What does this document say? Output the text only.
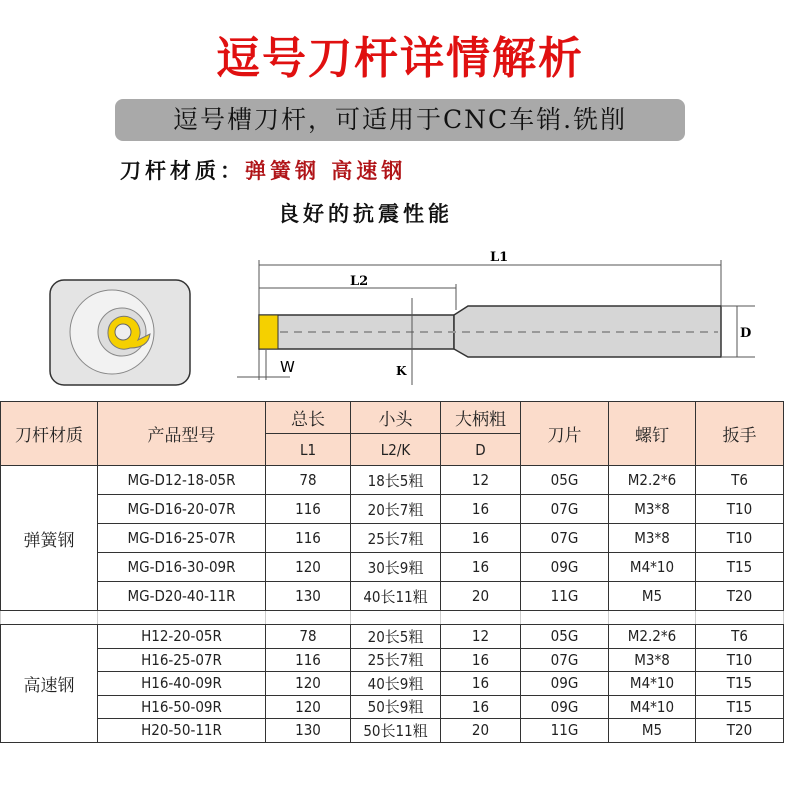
逗号刀杆详情解析
逗号槽刀杆，可适用于CNC车销.铣削
刀杆材质：弹簧钢 高速钢
良好的抗震性能
L1
L2
D
K
W
刀杆材质	产品型号	总长	小头	大柄粗	刀片	螺钉	扳手
		L1	L2/K	D			
弹簧钢	MG-D12-18-05R	78	18长5粗	12	05G	M2.2*6	T6
	MG-D16-20-07R	116	20长7粗	16	07G	M3*8	T10
	MG-D16-25-07R	116	25长7粗	16	07G	M3*8	T10
	MG-D16-30-09R	120	30长9粗	16	09G	M4*10	T15
	MG-D20-40-11R	130	40长11粗	20	11G	M5	T20

高速钢	H12-20-05R	78	20长5粗	12	05G	M2.2*6	T6
	H16-25-07R	116	25长7粗	16	07G	M3*8	T10
	H16-40-09R	120	40长9粗	16	09G	M4*10	T15
	H16-50-09R	120	50长9粗	16	09G	M4*10	T15
	H20-50-11R	130	50长11粗	20	11G	M5	T20
